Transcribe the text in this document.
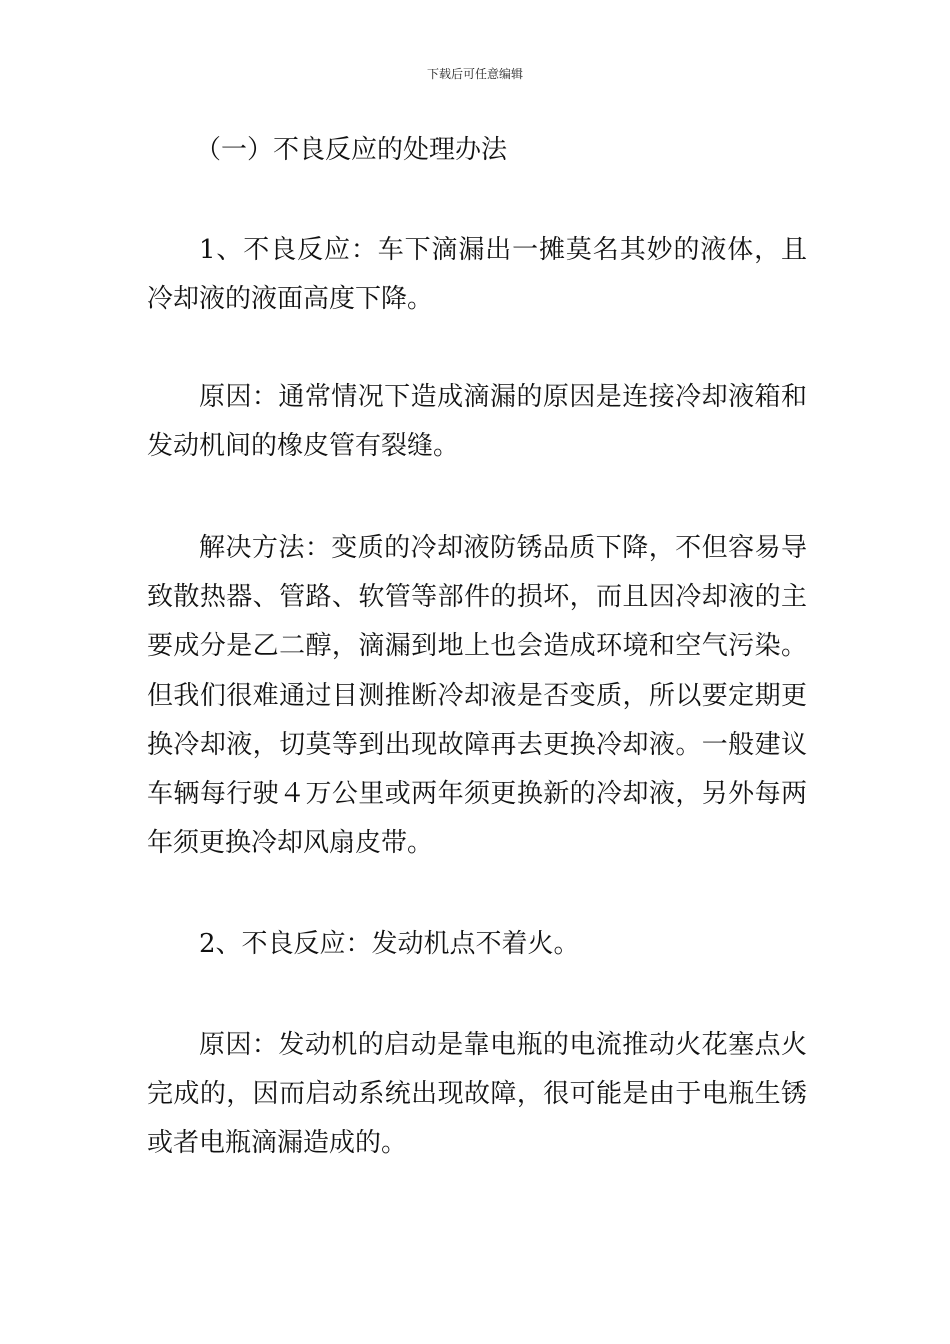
下载后可任意编辑
（一）不良反应的处理办法

1、不良反应：车下滴漏出一摊莫名其妙的液体，且冷却液的液面高度下降。

原因：通常情况下造成滴漏的原因是连接冷却液箱和发动机间的橡皮管有裂缝。

解决方法：变质的冷却液防锈品质下降，不但容易导致散热器、管路、软管等部件的损坏，而且因冷却液的主要成分是乙二醇，滴漏到地上也会造成环境和空气污染。但我们很难通过目测推断冷却液是否变质，所以要定期更换冷却液，切莫等到出现故障再去更换冷却液。一般建议车辆每行驶４万公里或两年须更换新的冷却液，另外每两年须更换冷却风扇皮带。

2、不良反应：发动机点不着火。

原因：发动机的启动是靠电瓶的电流推动火花塞点火完成的，因而启动系统出现故障，很可能是由于电瓶生锈或者电瓶滴漏造成的。
